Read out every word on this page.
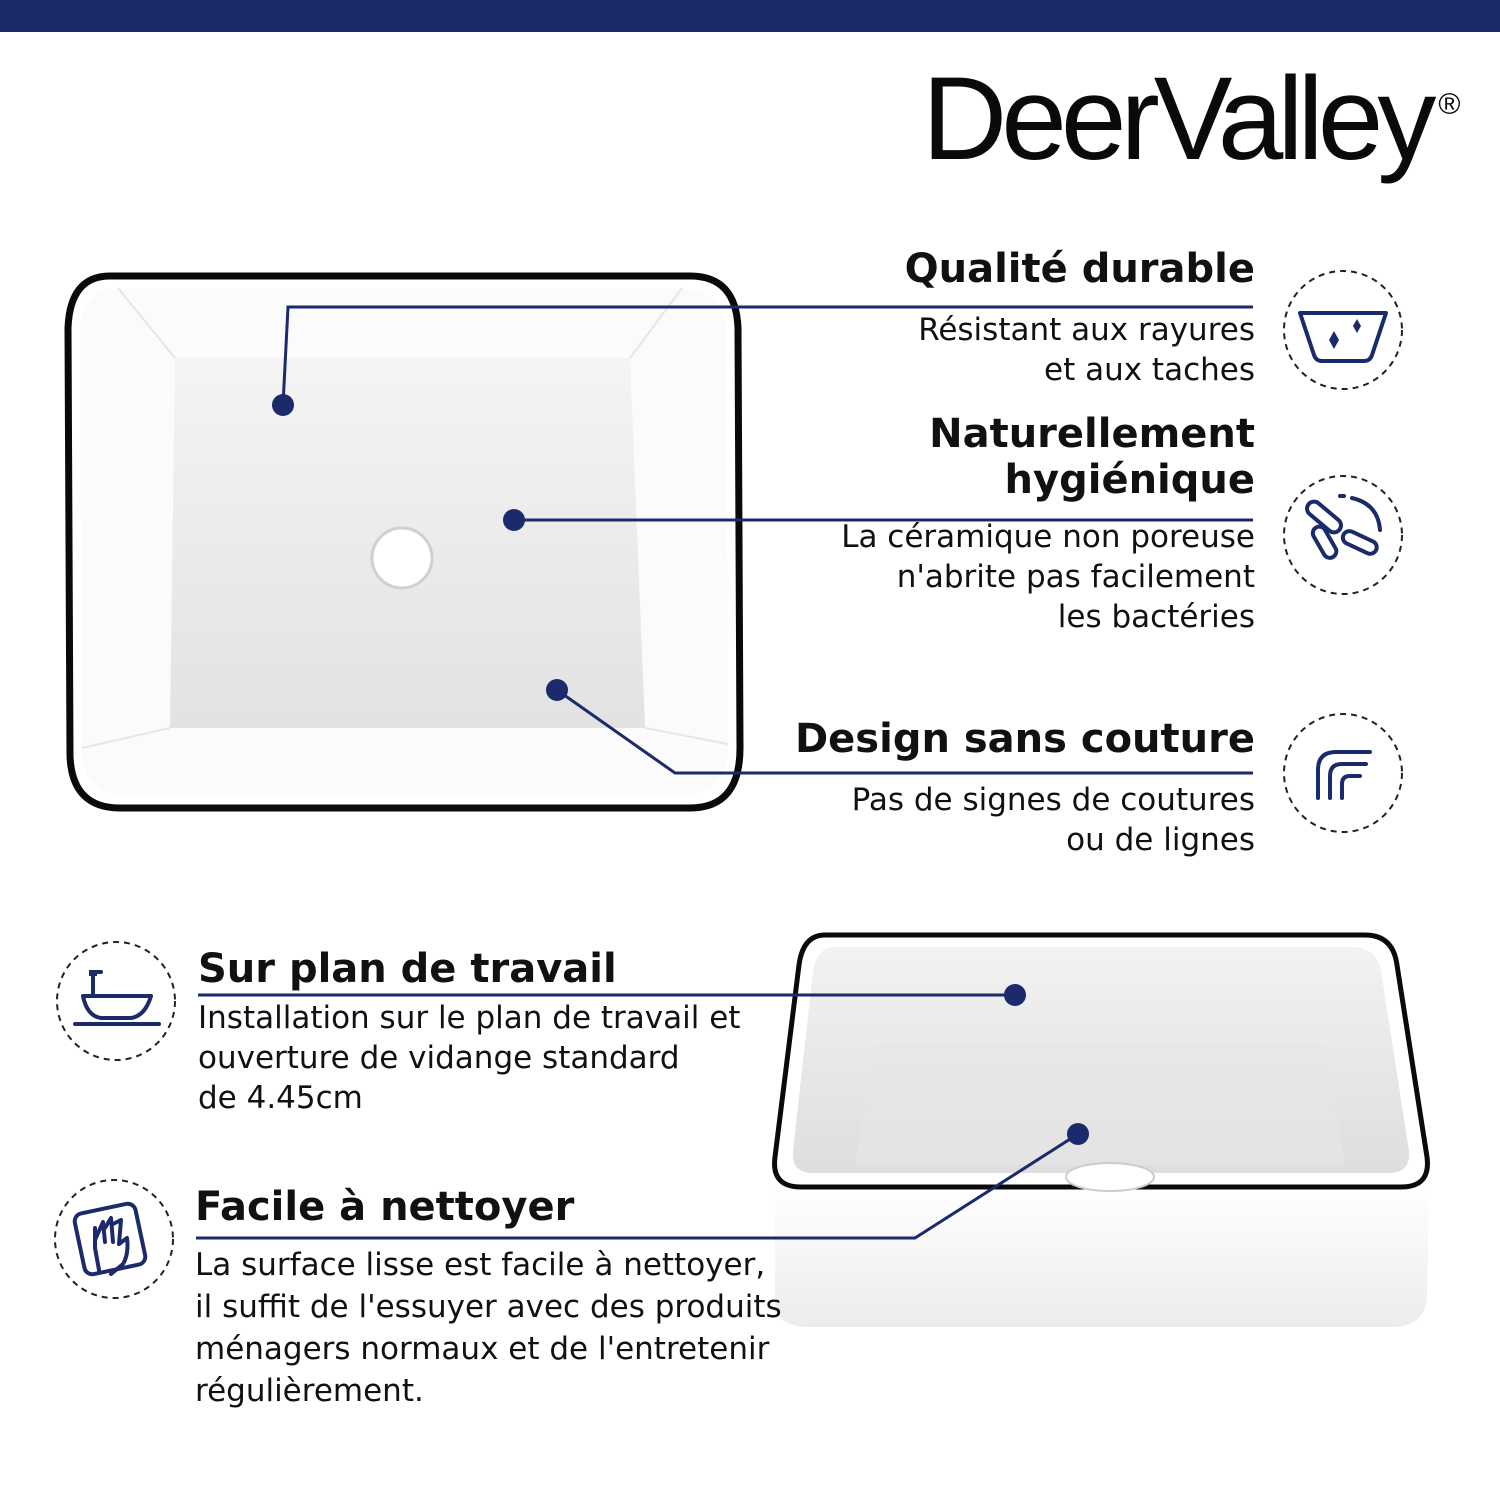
DeerValley ®
Qualité durable
Résistant aux rayures
et aux taches
Naturellement
hygiénique
La céramique non poreuse
n'abrite pas facilement
les bactéries
Design sans couture
Pas de signes de coutures
ou de lignes
Sur plan de travail
Installation sur le plan de travail et
ouverture de vidange standard
de 4.45cm
Facile à nettoyer
La surface lisse est facile à nettoyer,
il suffit de l'essuyer avec des produits
ménagers normaux et de l'entretenir
régulièrement.
